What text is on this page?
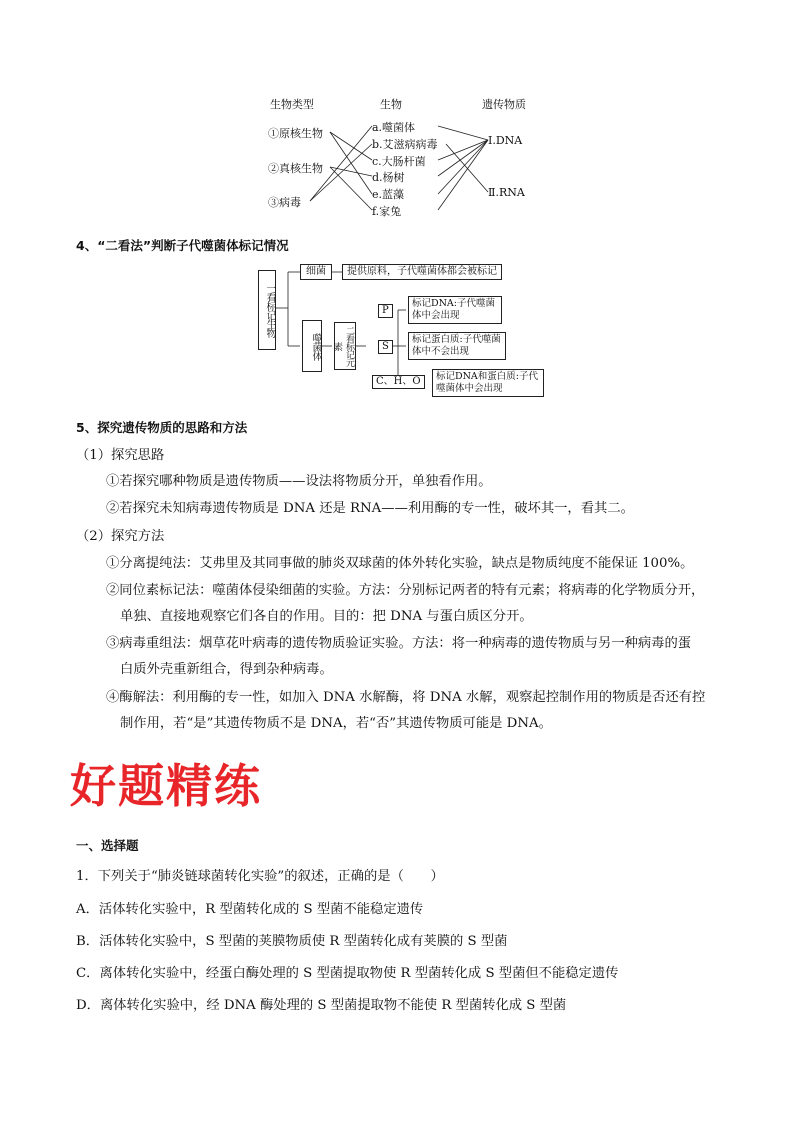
生物类型	生物	遗传物质
①原核生物
②真核生物
③病毒
a.噬菌体
b.艾滋病病毒
c.大肠杆菌
d.杨树
e.蓝藻
f.家兔
Ⅰ.DNA
Ⅱ.RNA
4、“二看法”判断子代噬菌体标记情况
一看标记生物
细菌	提供原料，子代噬菌体都会被标记
噬菌体	二看标记元素
P
标记DNA:子代噬菌体中会出现
S
标记蛋白质:子代噬菌体中不会出现
C、H、O	标记DNA和蛋白质:子代噬菌体中会出现
5、探究遗传物质的思路和方法
（1）探究思路
①若探究哪种物质是遗传物质——设法将物质分开，单独看作用。
②若探究未知病毒遗传物质是 DNA 还是 RNA——利用酶的专一性，破坏其一，看其二。
（2）探究方法
①分离提纯法：艾弗里及其同事做的肺炎双球菌的体外转化实验，缺点是物质纯度不能保证 100%。
②同位素标记法：噬菌体侵染细菌的实验。方法：分别标记两者的特有元素；将病毒的化学物质分开，
单独、直接地观察它们各自的作用。目的：把 DNA 与蛋白质区分开。
③病毒重组法：烟草花叶病毒的遗传物质验证实验。方法：将一种病毒的遗传物质与另一种病毒的蛋
白质外壳重新组合，得到杂种病毒。
④酶解法：利用酶的专一性，如加入 DNA 水解酶，将 DNA 水解，观察起控制作用的物质是否还有控
制作用，若“是”其遗传物质不是 DNA，若“否”其遗传物质可能是 DNA。
好题精练
一、选择题
1．下列关于“肺炎链球菌转化实验”的叙述，正确的是（　　）
A．活体转化实验中，R 型菌转化成的 S 型菌不能稳定遗传
B．活体转化实验中，S 型菌的荚膜物质使 R 型菌转化成有荚膜的 S 型菌
C．离体转化实验中，经蛋白酶处理的 S 型菌提取物使 R 型菌转化成 S 型菌但不能稳定遗传
D．离体转化实验中，经 DNA 酶处理的 S 型菌提取物不能使 R 型菌转化成 S 型菌
